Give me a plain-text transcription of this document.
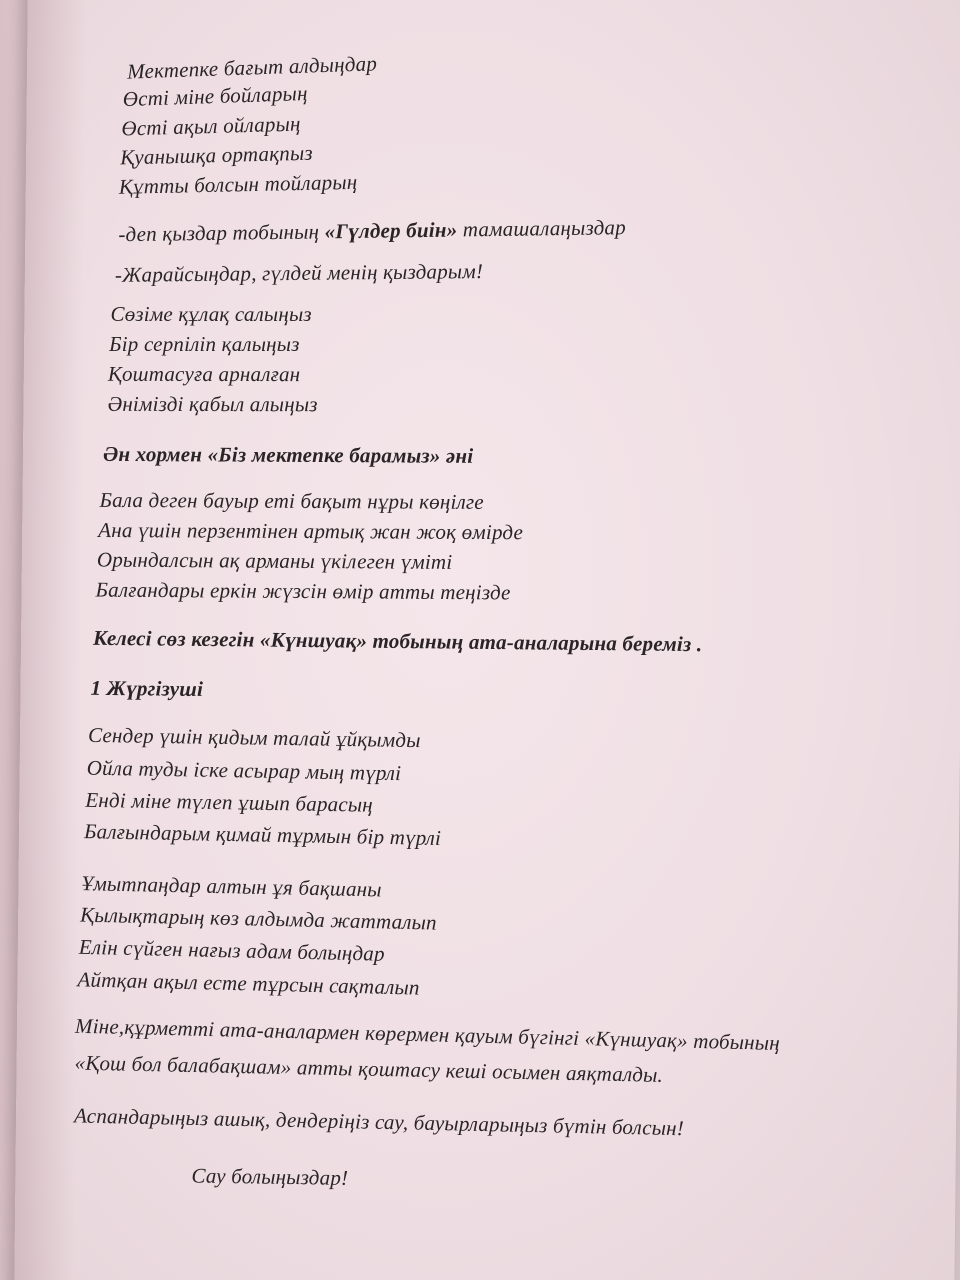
Мектепке бағыт алдыңдар
Өсті міне бойларың
Өсті ақыл ойларың
Қуанышқа ортақпыз
Құтты болсын тойларың
-деп қыздар тобының «Гүлдер биін» тамашалаңыздар
-Жарайсыңдар, гүлдей менің қыздарым!
Сөзіме құлақ салыңыз
Бір серпіліп қалыңыз
Қоштасуға арналған
Әнімізді қабыл алыңыз
Ән хормен «Біз мектепке барамыз» әні
Бала деген бауыр еті бақыт нұры көңілге
Ана үшін перзентінен артық жан жоқ өмірде
Орындалсын ақ арманы үкілеген үміті
Балғандары еркін жүзсін өмір атты теңізде
Келесі сөз кезегін «Күншуақ» тобының ата-аналарына береміз .
1 Жүргізуші
Сендер үшін қидым талай ұйқымды
Ойла туды іске асырар мың түрлі
Енді міне түлеп ұшып барасың
Балғындарым қимай тұрмын бір түрлі
Ұмытпаңдар алтын ұя бақшаны
Қылықтарың көз алдымда жатталып
Елін сүйген нағыз адам болыңдар
Айтқан ақыл есте тұрсын сақталып
Міне,құрметті ата-аналармен көрермен қауым бүгінгі «Күншуақ» тобының
«Қош бол балабақшам» атты қоштасу кеші осымен аяқталды.
Аспандарыңыз ашық, дендеріңіз сау, бауырларыңыз бүтін болсын!
Сау болыңыздар!
